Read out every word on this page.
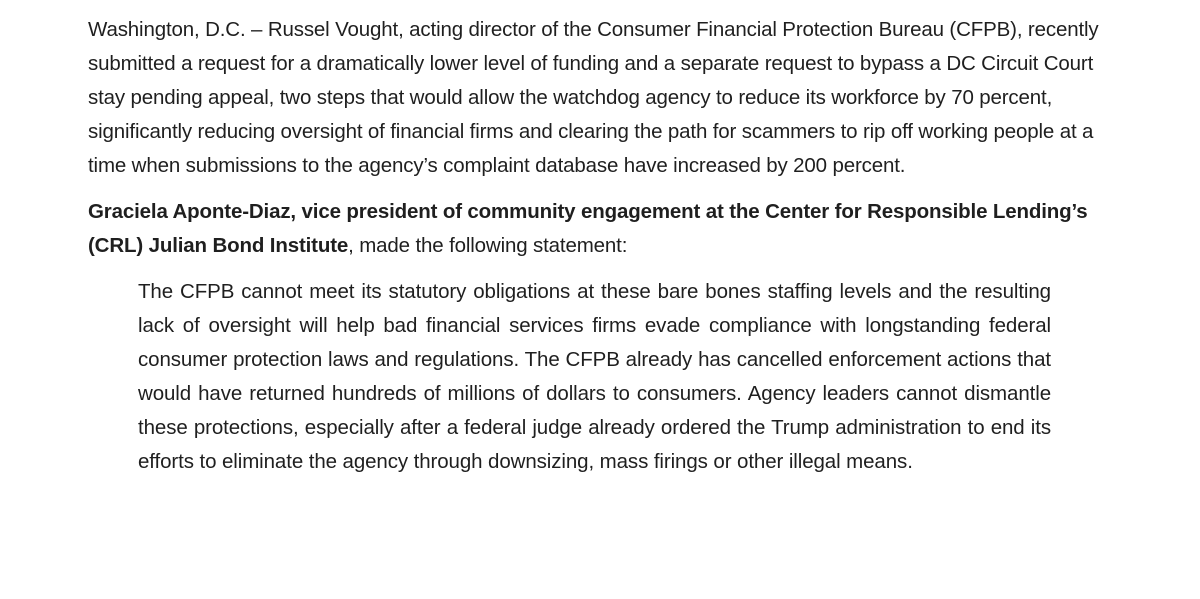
Washington, D.C. – Russel Vought, acting director of the Consumer Financial Protection Bureau (CFPB), recently submitted a request for a dramatically lower level of funding and a separate request to bypass a DC Circuit Court stay pending appeal, two steps that would allow the watchdog agency to reduce its workforce by 70 percent, significantly reducing oversight of financial firms and clearing the path for scammers to rip off working people at a time when submissions to the agency’s complaint database have increased by 200 percent.

Graciela Aponte-Diaz, vice president of community engagement at the Center for Responsible Lending’s (CRL) Julian Bond Institute, made the following statement:

The CFPB cannot meet its statutory obligations at these bare bones staffing levels and the resulting lack of oversight will help bad financial services firms evade compliance with longstanding federal consumer protection laws and regulations. The CFPB already has cancelled enforcement actions that would have returned hundreds of millions of dollars to consumers. Agency leaders cannot dismantle these protections, especially after a federal judge already ordered the Trump administration to end its efforts to eliminate the agency through downsizing, mass firings or other illegal means.
